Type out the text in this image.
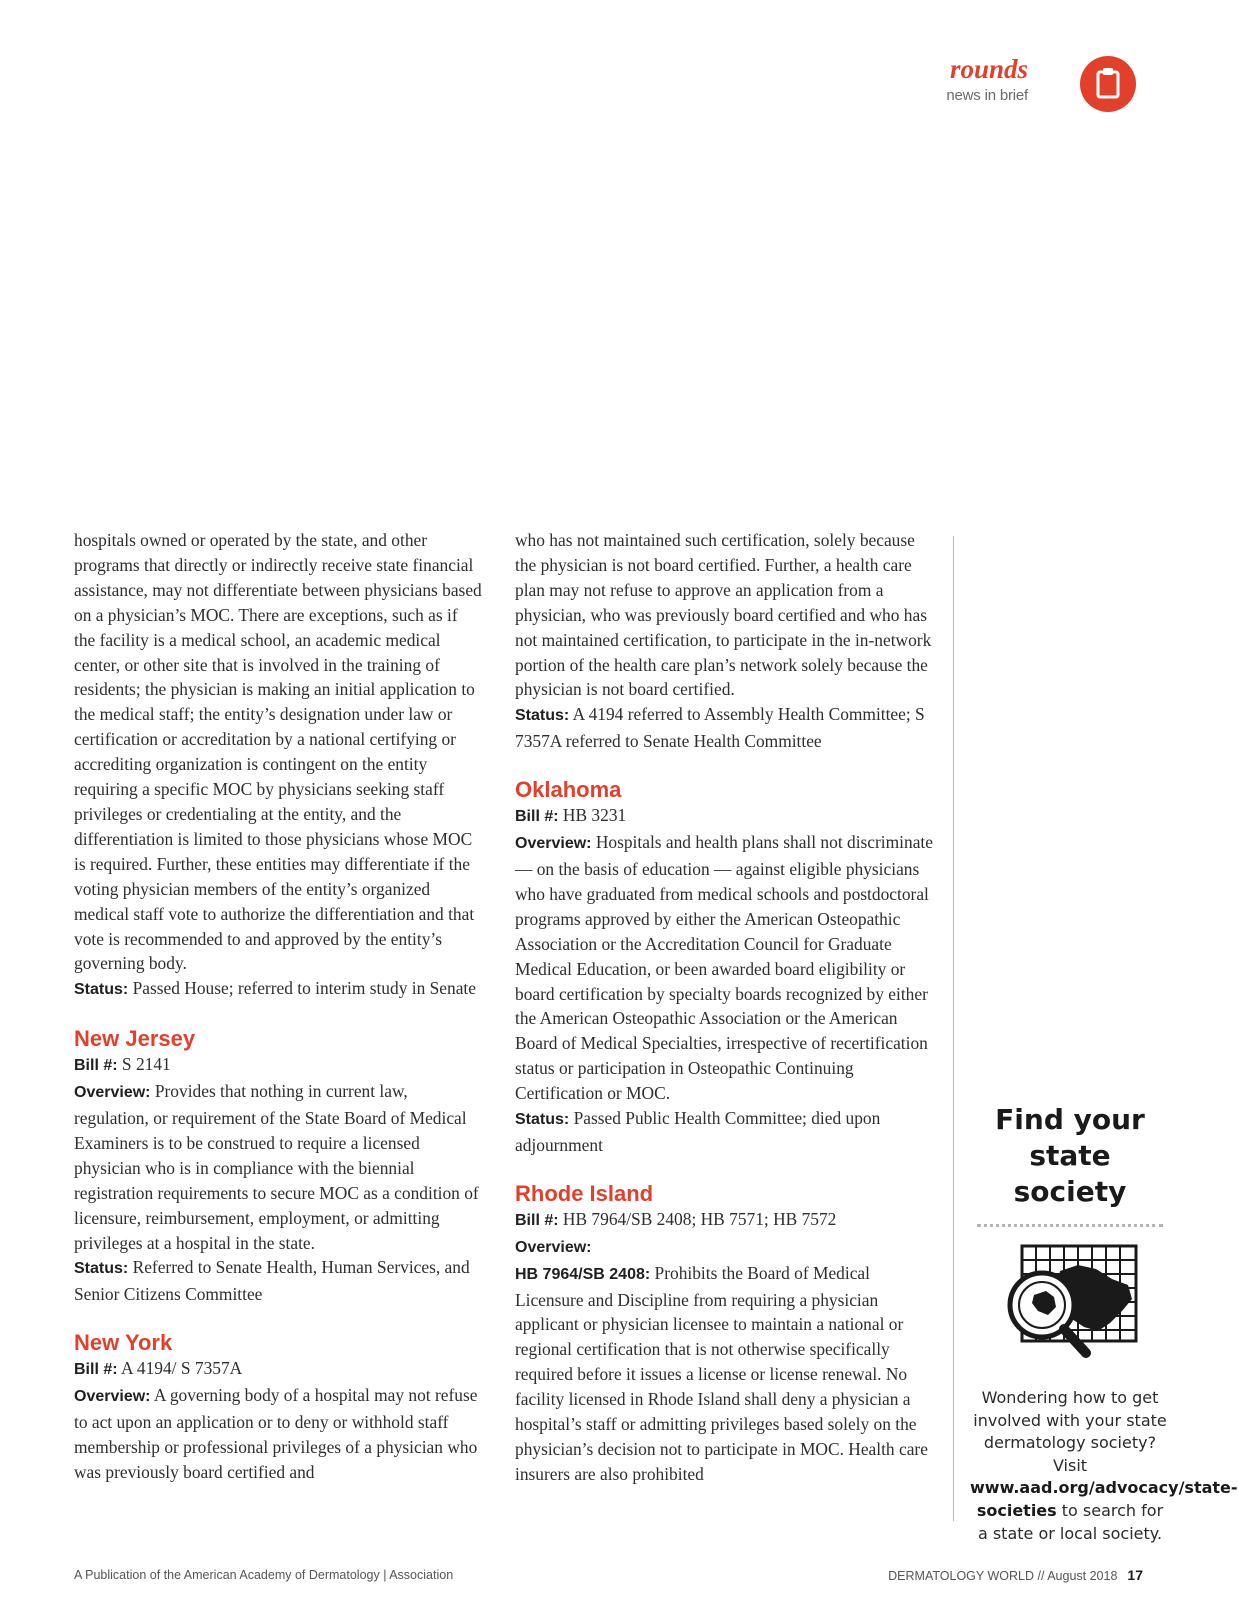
rounds
news in brief

hospitals owned or operated by the state, and other programs that directly or indirectly receive state financial assistance, may not differentiate between physicians based on a physician’s MOC. There are exceptions, such as if the facility is a medical school, an academic medical center, or other site that is involved in the training of residents; the physician is making an initial application to the medical staff; the entity’s designation under law or certification or accreditation by a national certifying or accrediting organization is contingent on the entity requiring a specific MOC by physicians seeking staff privileges or credentialing at the entity, and the differentiation is limited to those physicians whose MOC is required. Further, these entities may differentiate if the voting physician members of the entity’s organized medical staff vote to authorize the differentiation and that vote is recommended to and approved by the entity’s governing body.

Status: Passed House; referred to interim study in Senate

New Jersey

Bill #: S 2141

Overview: Provides that nothing in current law, regulation, or requirement of the State Board of Medical Examiners is to be construed to require a licensed physician who is in compliance with the biennial registration requirements to secure MOC as a condition of licensure, reimbursement, employment, or admitting privileges at a hospital in the state.

Status: Referred to Senate Health, Human Services, and Senior Citizens Committee

New York

Bill #: A 4194/ S 7357A

Overview: A governing body of a hospital may not refuse to act upon an application or to deny or withhold staff membership or professional privileges of a physician who was previously board certified and

who has not maintained such certification, solely because the physician is not board certified. Further, a health care plan may not refuse to approve an application from a physician, who was previously board certified and who has not maintained certification, to participate in the in-network portion of the health care plan’s network solely because the physician is not board certified.

Status: A 4194 referred to Assembly Health Committee; S 7357A referred to Senate Health Committee

Oklahoma

Bill #: HB 3231

Overview: Hospitals and health plans shall not discriminate — on the basis of education — against eligible physicians who have graduated from medical schools and postdoctoral programs approved by either the American Osteopathic Association or the Accreditation Council for Graduate Medical Education, or been awarded board eligibility or board certification by specialty boards recognized by either the American Osteopathic Association or the American Board of Medical Specialties, irrespective of recertification status or participation in Osteopathic Continuing Certification or MOC.

Status: Passed Public Health Committee; died upon adjournment

Rhode Island

Bill #: HB 7964/SB 2408; HB 7571; HB 7572

Overview:

HB 7964/SB 2408: Prohibits the Board of Medical Licensure and Discipline from requiring a physician applicant or physician licensee to maintain a national or regional certification that is not otherwise specifically required before it issues a license or license renewal. No facility licensed in Rhode Island shall deny a physician a hospital’s staff or admitting privileges based solely on the physician’s decision not to participate in MOC. Health care insurers are also prohibited

Find your state society

Wondering how to get involved with your state dermatology society? Visit www.aad.org/advocacy/state-societies to search for a state or local society.
A Publication of the American Academy of Dermatology | Association	DERMATOLOGY WORLD // August 2018 17
